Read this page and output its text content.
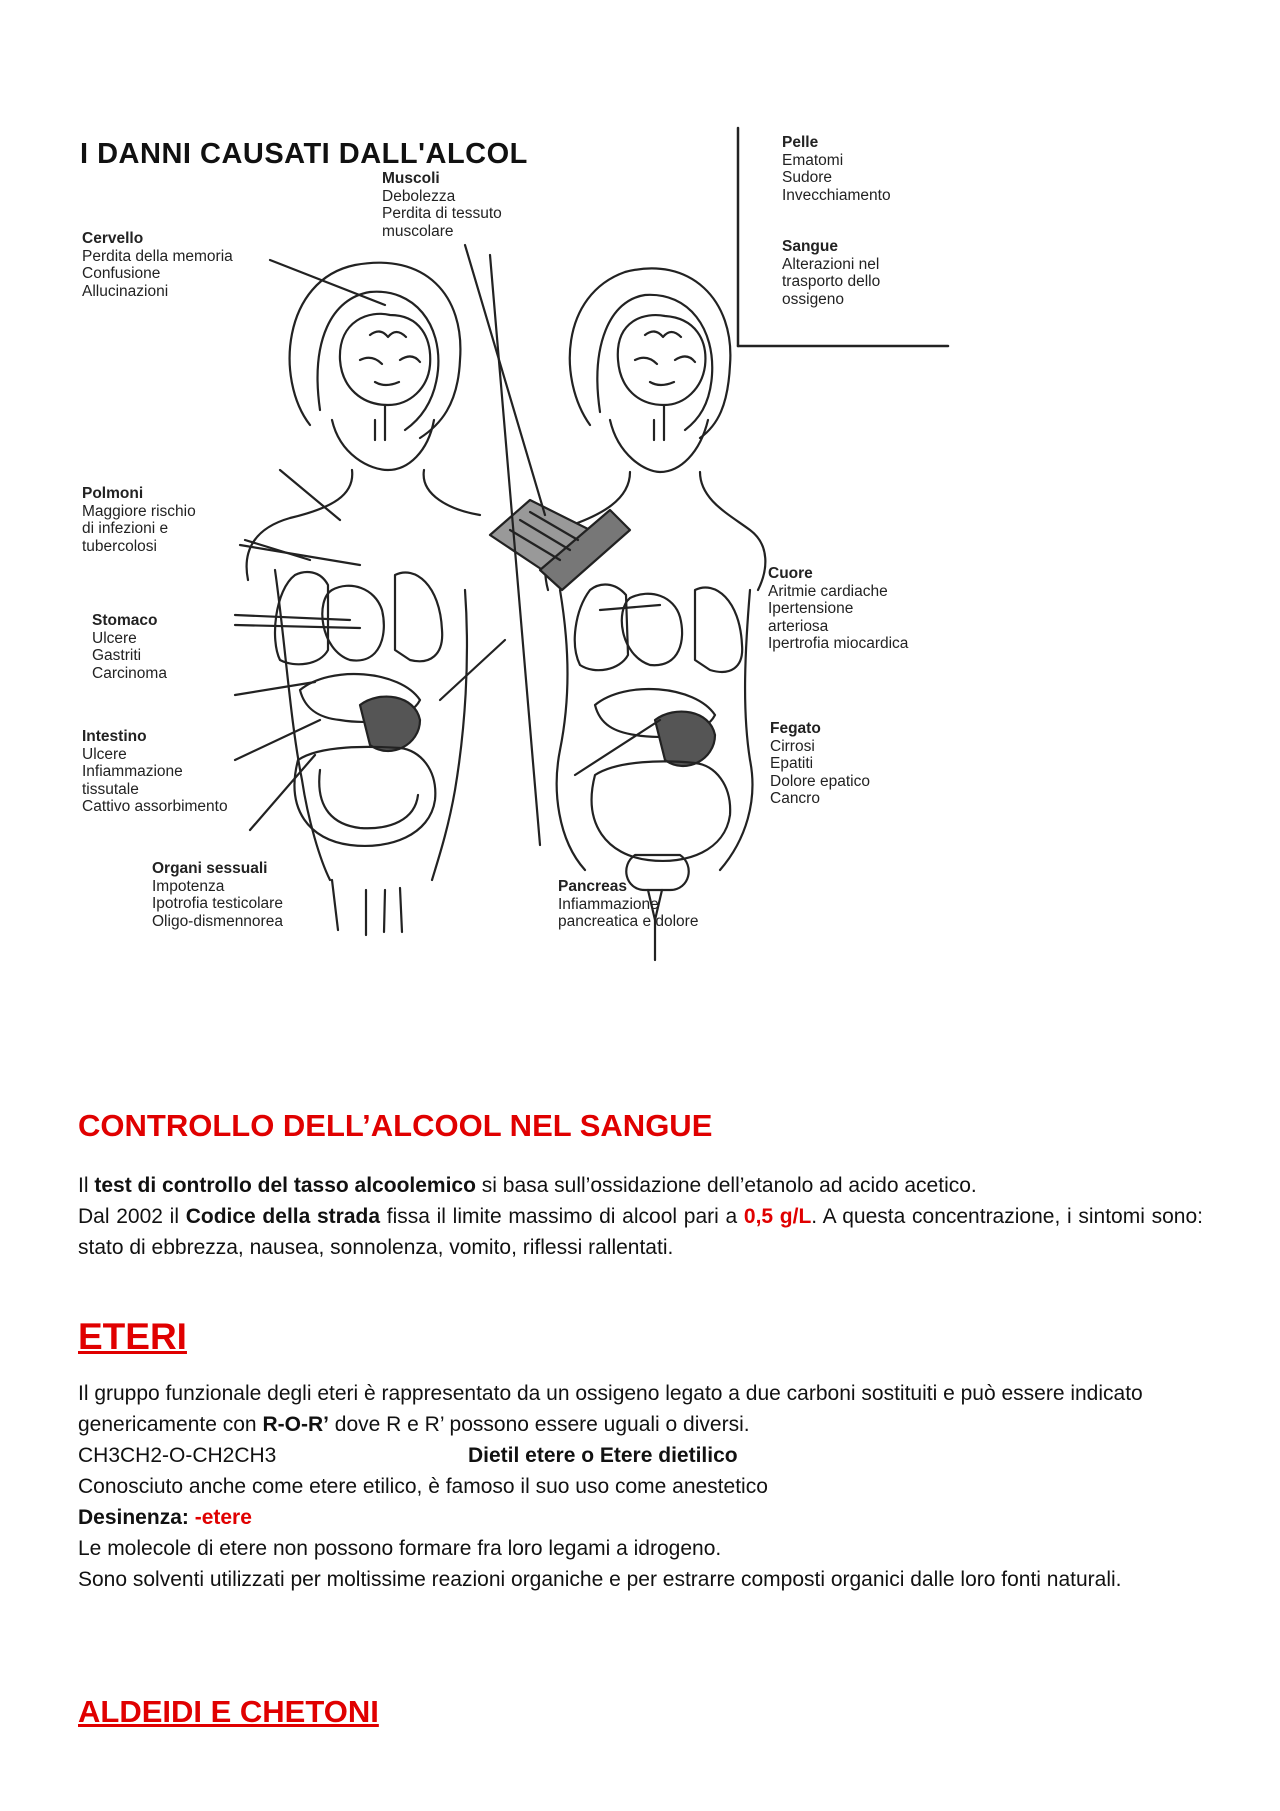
I DANNI CAUSATI DALL'ALCOL
Muscoli
Debolezza
Perdita di tessuto
muscolare
Cervello
Perdita della memoria
Confusione
Allucinazioni
Pelle
Ematomi
Sudore
Invecchiamento
Sangue
Alterazioni nel
trasporto dello
ossigeno
Polmoni
Maggiore rischio
di infezioni e
tubercolosi
Stomaco
Ulcere
Gastriti
Carcinoma
Intestino
Ulcere
Infiammazione
tissutale
Cattivo assorbimento
Cuore
Aritmie cardiache
Ipertensione
arteriosa
Ipertrofia miocardica
Fegato
Cirrosi
Epatiti
Dolore epatico
Cancro
Organi sessuali
Impotenza
Ipotrofia testicolare
Oligo-dismennorea
Pancreas
Infiammazione
pancreatica e dolore
CONTROLLO DELL’ALCOOL NEL SANGUE

Il test di controllo del tasso alcoolemico si basa sull’ossidazione dell’etanolo ad acido acetico.

Dal 2002 il Codice della strada fissa il limite massimo di alcool pari a 0,5 g/L. A questa concentrazione, i sintomi sono: stato di ebbrezza, nausea, sonnolenza, vomito, riflessi rallentati.

ETERI

Il gruppo funzionale degli eteri è rappresentato da un ossigeno legato a due carboni sostituiti e può essere indicato genericamente con R-O-R’ dove R e R’ possono essere uguali o diversi.

CH3CH2-O-CH2CH3	Dietil etere o Etere dietilico

Conosciuto anche come etere etilico, è famoso il suo uso come anestetico

Desinenza: -etere

Le molecole di etere non possono formare fra loro legami a idrogeno.

Sono solventi utilizzati per moltissime reazioni organiche e per estrarre composti organici dalle loro fonti naturali.

ALDEIDI E CHETONI
